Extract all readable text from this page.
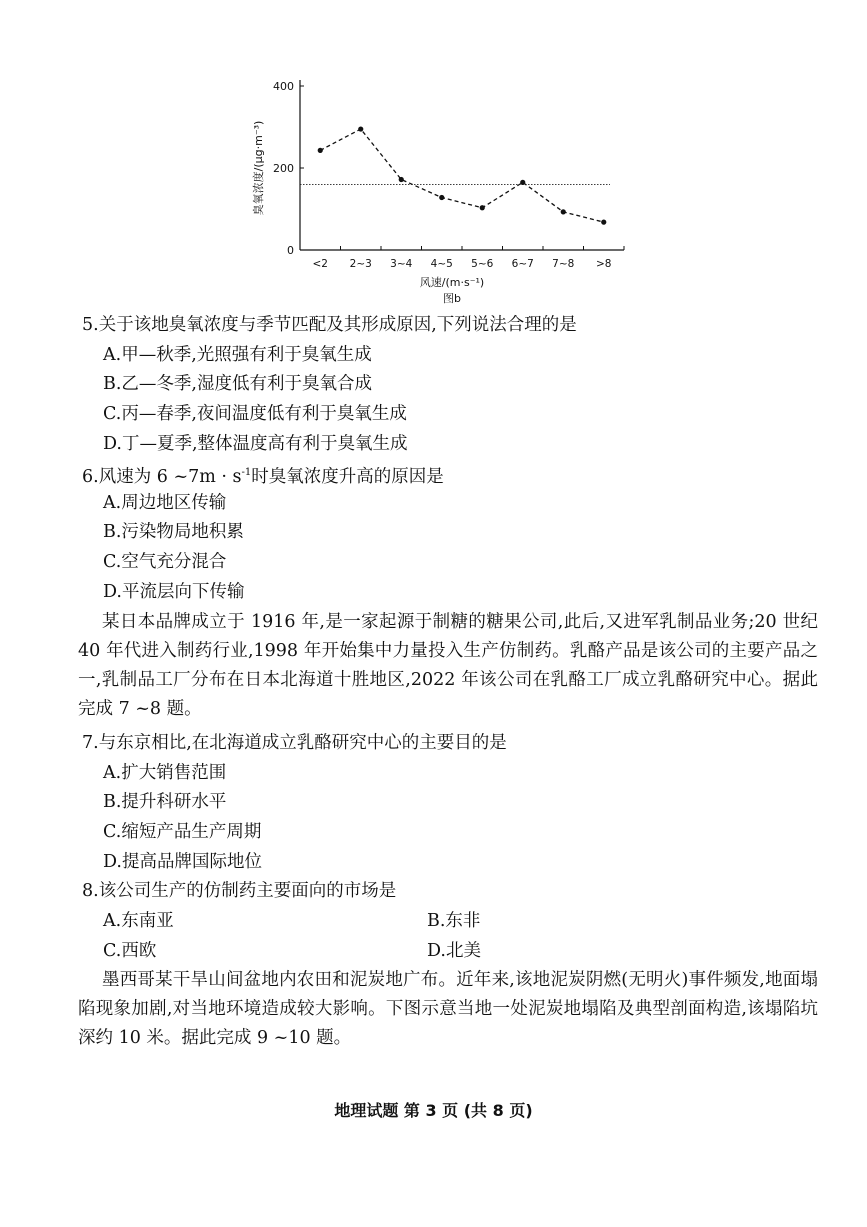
0
200
400
<2 2~3 3~4 4~5 5~6 6~7 7~8 >8
臭氧浓度/(μg·m⁻³)
风速/(m·s⁻¹)
图b
5.关于该地臭氧浓度与季节匹配及其形成原因,下列说法合理的是
A.甲—秋季,光照强有利于臭氧生成
B.乙—冬季,湿度低有利于臭氧合成
C.丙—春季,夜间温度低有利于臭氧生成
D.丁—夏季,整体温度高有利于臭氧生成
6.风速为 6 ~7m · $s^{-1}$时臭氧浓度升高的原因是
A.周边地区传输
B.污染物局地积累
C.空气充分混合
D.平流层向下传输
某日本品牌成立于 1916 年,是一家起源于制糖的糖果公司,此后,又进军乳制品业务;20 世纪 40 年代进入制药行业,1998 年开始集中力量投入生产仿制药。乳酪产品是该公司的主要产品之一,乳制品工厂分布在日本北海道十胜地区,2022 年该公司在乳酪工厂成立乳酪研究中心。据此完成 7 ~8 题。
7.与东京相比,在北海道成立乳酪研究中心的主要目的是
A.扩大销售范围
B.提升科研水平
C.缩短产品生产周期
D.提高品牌国际地位
8.该公司生产的仿制药主要面向的市场是
A.东南亚	B.东非
C.西欧	D.北美
墨西哥某干旱山间盆地内农田和泥炭地广布。近年来,该地泥炭阴燃(无明火)事件频发,地面塌陷现象加剧,对当地环境造成较大影响。下图示意当地一处泥炭地塌陷及典型剖面构造,该塌陷坑深约 10 米。据此完成 9 ~10 题。
地理试题 第 3 页 (共 8 页)
